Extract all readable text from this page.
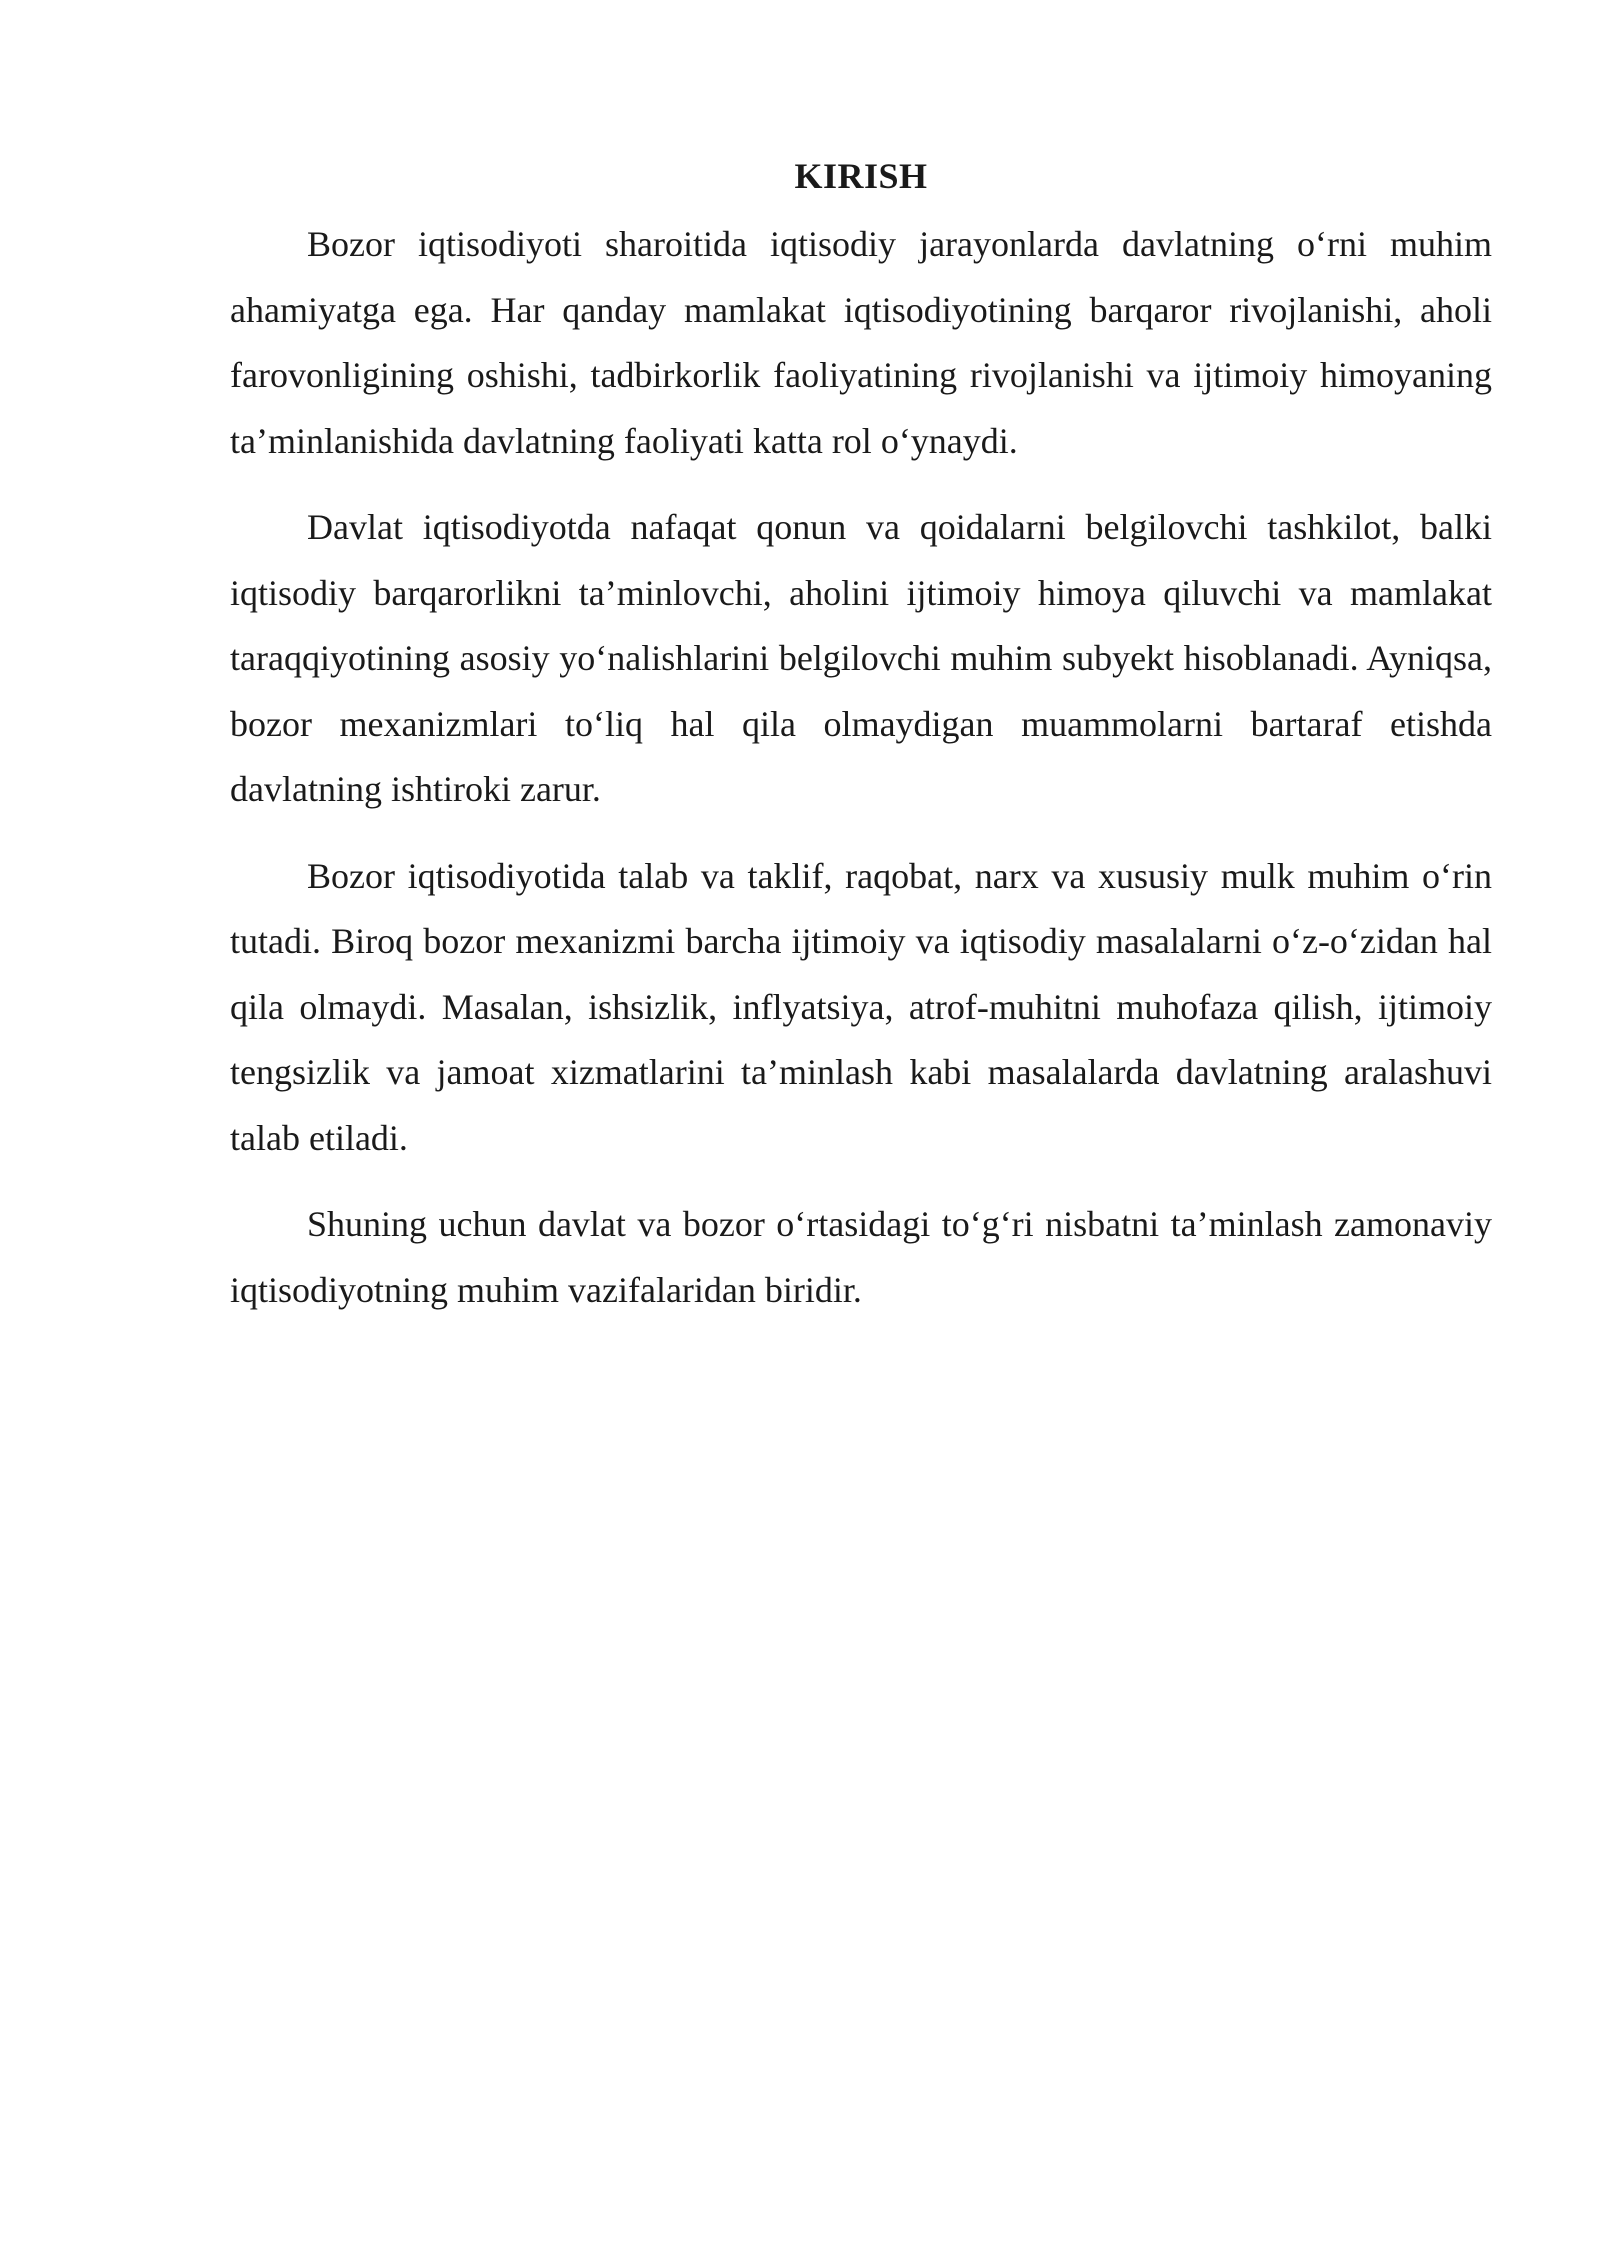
KIRISH

Bozor iqtisodiyoti sharoitida iqtisodiy jarayonlarda davlatning o‘rni muhim ahamiyatga ega. Har qanday mamlakat iqtisodiyotining barqaror rivojlanishi, aholi farovonligining oshishi, tadbirkorlik faoliyatining rivojlanishi va ijtimoiy himoyaning ta’minlanishida davlatning faoliyati katta rol o‘ynaydi.

Davlat iqtisodiyotda nafaqat qonun va qoidalarni belgilovchi tashkilot, balki iqtisodiy barqarorlikni ta’minlovchi, aholini ijtimoiy himoya qiluvchi va mamlakat taraqqiyotining asosiy yo‘nalishlarini belgilovchi muhim subyekt hisoblanadi. Ayniqsa, bozor mexanizmlari to‘liq hal qila olmaydigan muammolarni bartaraf etishda davlatning ishtiroki zarur.

Bozor iqtisodiyotida talab va taklif, raqobat, narx va xususiy mulk muhim o‘rin tutadi. Biroq bozor mexanizmi barcha ijtimoiy va iqtisodiy masalalarni o‘z-o‘zidan hal qila olmaydi. Masalan, ishsizlik, inflyatsiya, atrof-muhitni muhofaza qilish, ijtimoiy tengsizlik va jamoat xizmatlarini ta’minlash kabi masalalarda davlatning aralashuvi talab etiladi.

Shuning uchun davlat va bozor o‘rtasidagi to‘g‘ri nisbatni ta’minlash zamonaviy iqtisodiyotning muhim vazifalaridan biridir.
